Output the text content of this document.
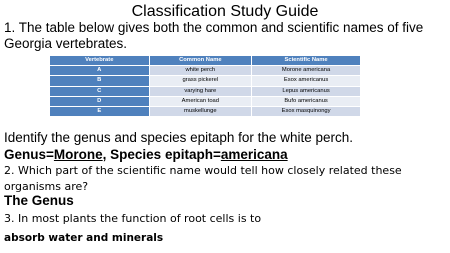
Classification Study Guide
1. The table below gives both the common and scientific names of five Georgia vertebrates.
Vertebrate	Common Name	Scientific Name
A	white perch	Morone americana
B	grass pickerel	Esox americanus
C	varying hare	Lepus americanus
D	American toad	Bufo americanus
E	muskellunge	Esox masquinongy
Identify the genus and species epitaph for the white perch.
Genus=Morone, Species epitaph=americana
2. Which part of the scientific name would tell how closely related these organisms are?
The Genus
3. In most plants the function of root cells is to
absorb water and minerals
